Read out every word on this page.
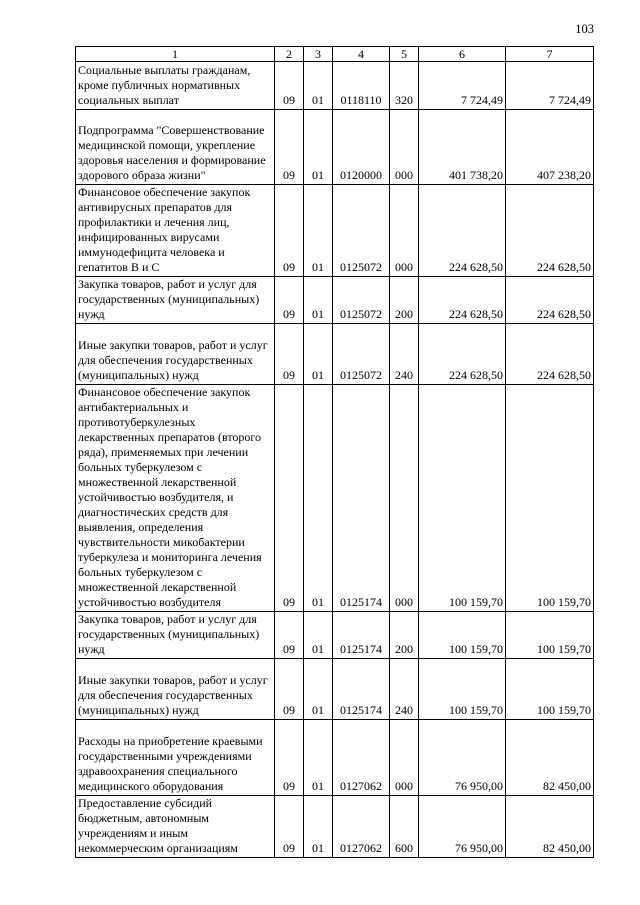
103
1	2	3	4	5	6	7
Социальные выплаты гражданам, кроме публичных нормативных социальных выплат	09	01	0118110	320	7 724,49	7 724,49
Подпрограмма "Совершенствование медицинской помощи, укрепление здоровья населения и формирование здорового образа жизни"	09	01	0120000	000	401 738,20	407 238,20
Финансовое обеспечение закупок антивирусных препаратов для профилактики и лечения лиц, инфицированных вирусами иммунодефицита человека и гепатитов В и С	09	01	0125072	000	224 628,50	224 628,50
Закупка товаров, работ и услуг для государственных (муниципальных) нужд	09	01	0125072	200	224 628,50	224 628,50
Иные закупки товаров, работ и услуг для обеспечения государственных (муниципальных) нужд	09	01	0125072	240	224 628,50	224 628,50
Финансовое обеспечение закупок антибактериальных и противотуберкулезных лекарственных препаратов (второго ряда), применяемых при лечении больных туберкулезом с множественной лекарственной устойчивостью возбудителя, и диагностических средств для выявления, определения чувствительности микобактерии туберкулеза и мониторинга лечения больных туберкулезом с множественной лекарственной устойчивостью возбудителя	09	01	0125174	000	100 159,70	100 159,70
Закупка товаров, работ и услуг для государственных (муниципальных) нужд	09	01	0125174	200	100 159,70	100 159,70
Иные закупки товаров, работ и услуг для обеспечения государственных (муниципальных) нужд	09	01	0125174	240	100 159,70	100 159,70
Расходы на приобретение краевыми государственными учреждениями здравоохранения специального медицинского оборудования	09	01	0127062	000	76 950,00	82 450,00
Предоставление субсидий бюджетным, автономным учреждениям и иным некоммерческим организациям	09	01	0127062	600	76 950,00	82 450,00
